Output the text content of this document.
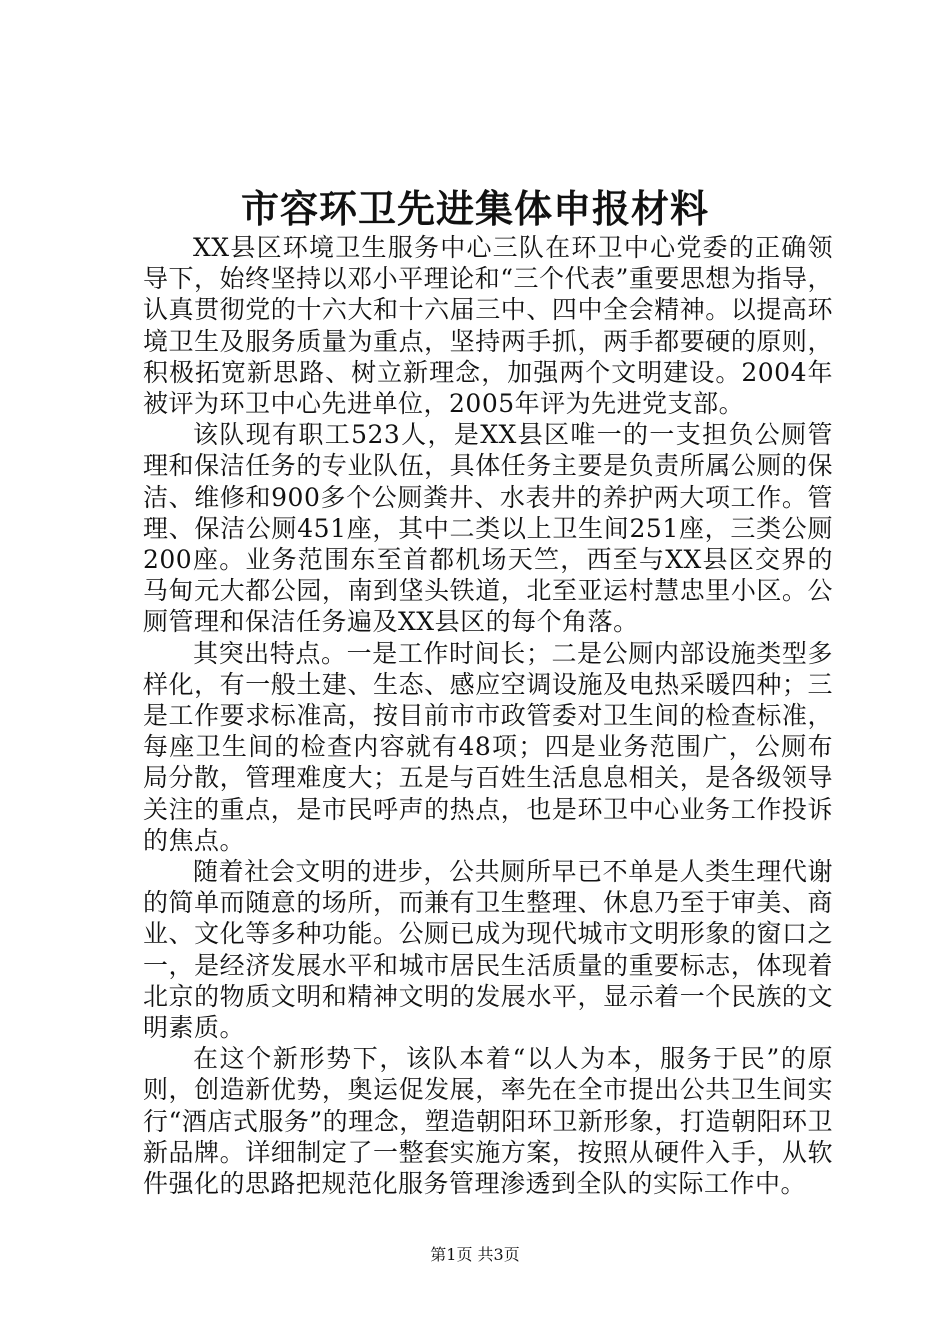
市容环卫先进集体申报材料

XX县区环境卫生服务中心三队在环卫中心党委的正确领导下，始终坚持以邓小平理论和“三个代表”重要思想为指导，认真贯彻党的十六大和十六届三中、四中全会精神。以提高环境卫生及服务质量为重点，坚持两手抓，两手都要硬的原则，积极拓宽新思路、树立新理念，加强两个文明建设。2004年被评为环卫中心先进单位，2005年评为先进党支部。

该队现有职工523人，是XX县区唯一的一支担负公厕管理和保洁任务的专业队伍，具体任务主要是负责所属公厕的保洁、维修和900多个公厕粪井、水表井的养护两大项工作。管理、保洁公厕451座，其中二类以上卫生间251座，三类公厕200座。业务范围东至首都机场天竺，西至与XX县区交界的马甸元大都公园，南到垡头铁道，北至亚运村慧忠里小区。公厕管理和保洁任务遍及XX县区的每个角落。

其突出特点。一是工作时间长；二是公厕内部设施类型多样化，有一般土建、生态、感应空调设施及电热采暖四种；三是工作要求标准高，按目前市市政管委对卫生间的检查标准，每座卫生间的检查内容就有48项；四是业务范围广，公厕布局分散，管理难度大；五是与百姓生活息息相关，是各级领导关注的重点，是市民呼声的热点，也是环卫中心业务工作投诉的焦点。

随着社会文明的进步，公共厕所早已不单是人类生理代谢的简单而随意的场所，而兼有卫生整理、休息乃至于审美、商业、文化等多种功能。公厕已成为现代城市文明形象的窗口之一，是经济发展水平和城市居民生活质量的重要标志，体现着北京的物质文明和精神文明的发展水平，显示着一个民族的文明素质。

在这个新形势下，该队本着“以人为本，服务于民”的原则，创造新优势，奥运促发展，率先在全市提出公共卫生间实行“酒店式服务”的理念，塑造朝阳环卫新形象，打造朝阳环卫新品牌。详细制定了一整套实施方案，按照从硬件入手，从软件强化的思路把规范化服务管理渗透到全队的实际工作中。

第1页 共3页
